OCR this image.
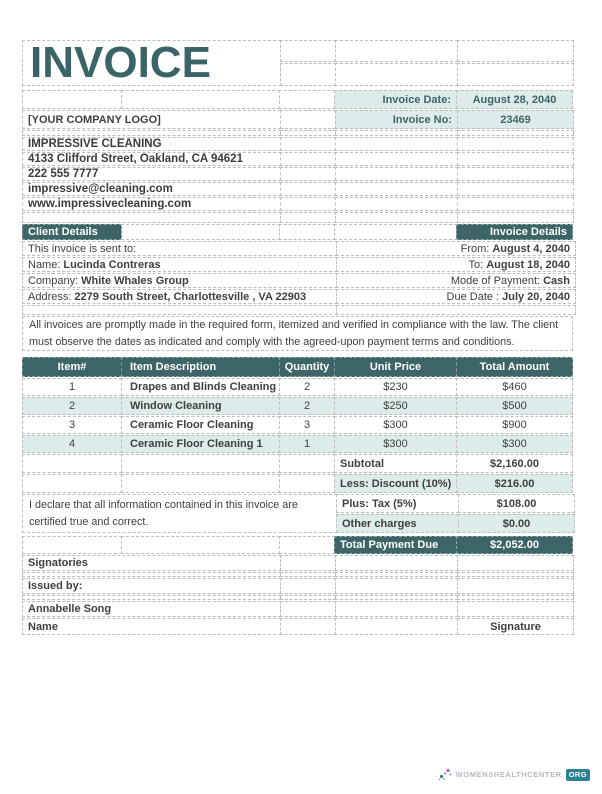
INVOICE
Invoice Date:	August 28, 2040
[YOUR COMPANY LOGO]	Invoice No:	23469
IMPRESSIVE CLEANING
4133 Clifford Street, Oakland, CA 94621
222 555 7777
impressive@cleaning.com
www.impressivecleaning.com
Client Details	Invoice Details
This invoice is sent to:	From: August 4, 2040
Name: Lucinda Contreras	To: August 18, 2040
Company: White Whales Group	Mode of Payment: Cash
Address: 2279 South Street, Charlottesville , VA 22903	Due Date : July 20, 2040
All invoices are promptly made in the required form, itemized and verified in compliance with the law. The client must observe the dates as indicated and comply with the agreed-upon payment terms and conditions.
Item#	Item Description	Quantity	Unit Price	Total Amount
1	Drapes and Blinds Cleaning	2	$230	$460
2	Window Cleaning	2	$250	$500
3	Ceramic Floor Cleaning	3	$300	$900
4	Ceramic Floor Cleaning 1	1	$300	$300
Subtotal	$2,160.00
Less: Discount (10%)	$216.00
I declare that all information contained in this invoice are certified true and correct.
Plus: Tax (5%)	$108.00
Other charges	$0.00
Total Payment Due	$2,052.00
Signatories
Issued by:
Annabelle Song
Name	Signature
WOMENSHEALTHCENTER ORG
